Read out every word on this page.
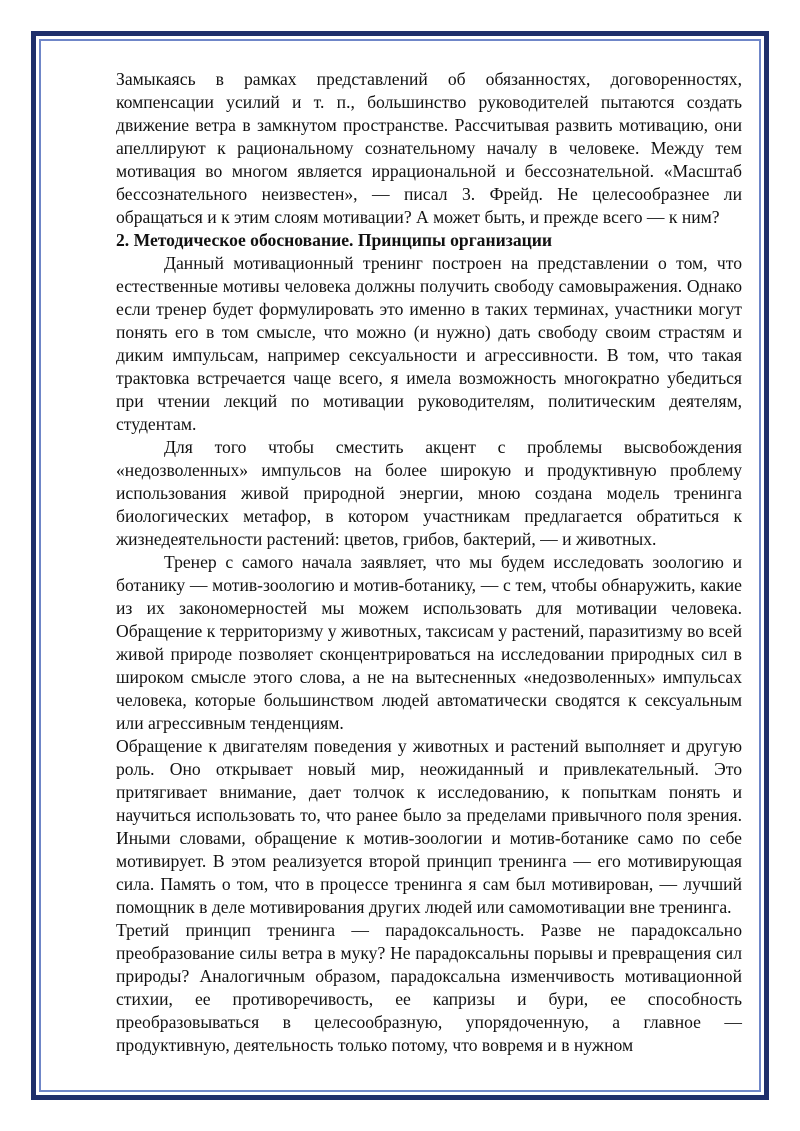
Замыкаясь в рамках представлений об обязанностях, договоренностях, компенсации усилий и т. п., большинство руководителей пытаются создать движение ветра в замкнутом пространстве. Рассчитывая развить мотивацию, они апеллируют к рациональному сознательному началу в человеке. Между тем мотивация во многом является иррациональной и бессознательной. «Масштаб бессознательного неизвестен», — писал 3. Фрейд. Не целесообразнее ли обращаться и к этим слоям мотивации? А может быть, и прежде всего — к ним?

2. Методическое обоснование. Принципы организации

Данный мотивационный тренинг построен на представлении о том, что естественные мотивы человека должны получить свободу самовыражения. Однако если тренер будет формулировать это именно в таких терминах, участники могут понять его в том смысле, что можно (и нужно) дать свободу своим страстям и диким импульсам, например сексуальности и агрессивности. В том, что такая трактовка встречается чаще всего, я имела возможность многократно убедиться при чтении лекций по мотивации руководителям, политическим деятелям, студентам.

Для того чтобы сместить акцент с проблемы высвобождения «недозволенных» импульсов на более широкую и продуктивную проблему использования живой природной энергии, мною создана модель тренинга биологических метафор, в котором участникам предлагается обратиться к жизнедеятельности растений: цветов, грибов, бактерий, — и животных.

Тренер с самого начала заявляет, что мы будем исследовать зоологию и ботанику — мотив-зоологию и мотив-ботанику, — с тем, чтобы обнаружить, какие из их закономерностей мы можем использовать для мотивации человека. Обращение к территоризму у животных, таксисам у растений, паразитизму во всей живой природе позволяет сконцентрироваться на исследовании природных сил в широком смысле этого слова, а не на вытесненных «недозволенных» импульсах человека, которые большинством людей автоматически сводятся к сексуальным или агрессивным тенденциям.

Обращение к двигателям поведения у животных и растений выполняет и другую роль. Оно открывает новый мир, неожиданный и привлекательный. Это притягивает внимание, дает толчок к исследованию, к попыткам понять и научиться использовать то, что ранее было за пределами привычного поля зрения. Иными словами, обращение к мотив-зоологии и мотив-ботанике само по себе мотивирует. В этом реализуется второй принцип тренинга — его мотивирующая сила. Память о том, что в процессе тренинга я сам был мотивирован, — лучший помощник в деле мотивирования других людей или самомотивации вне тренинга.

Третий принцип тренинга — парадоксальность. Разве не парадоксально преобразование силы ветра в муку? Не парадоксальны порывы и превращения сил природы? Аналогичным образом, парадоксальна изменчивость мотивационной стихии, ее противоречивость, ее капризы и бури, ее способность преобразовываться в целесообразную, упорядоченную, а главное — продуктивную, деятельность только потому, что вовремя и в нужном
